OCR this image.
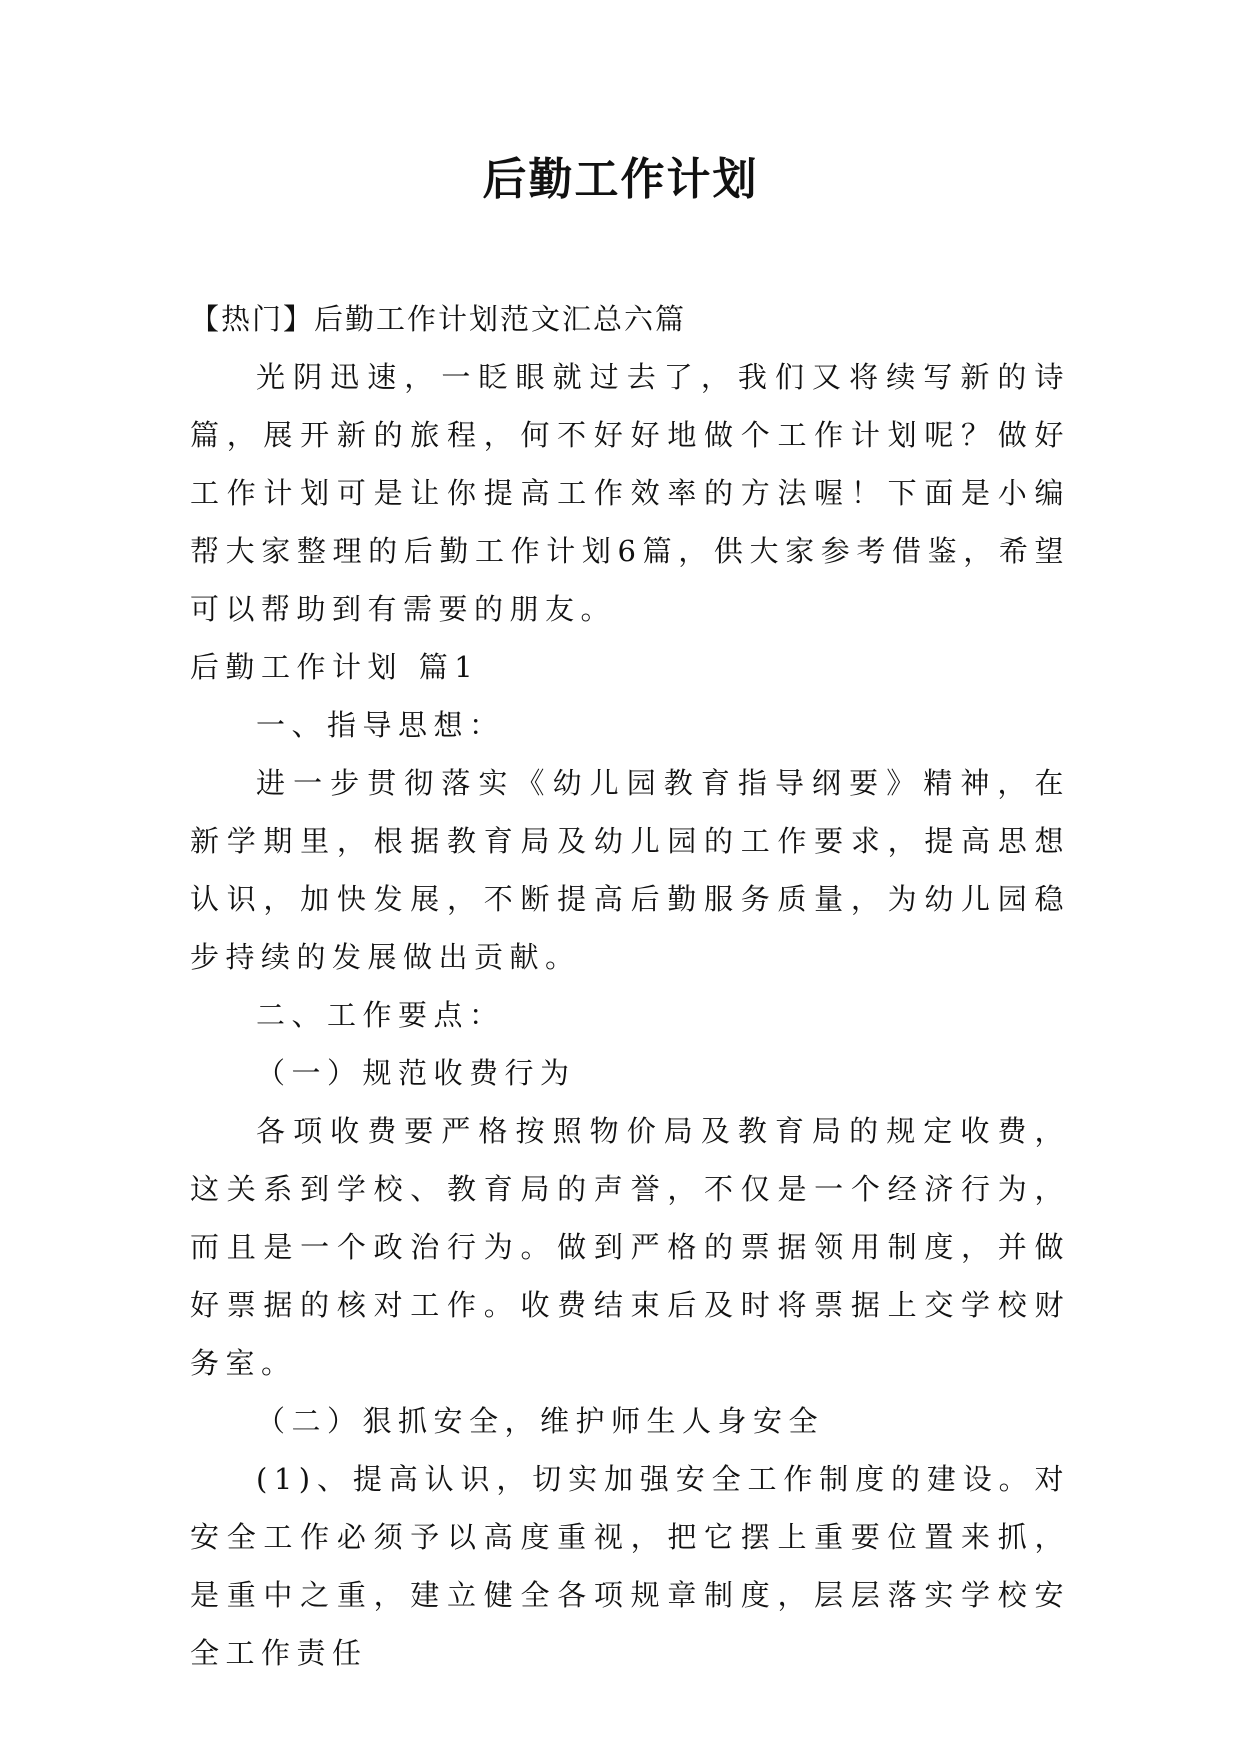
后勤工作计划

【热门】后勤工作计划范文汇总六篇

光阴迅速，一眨眼就过去了，我们又将续写新的诗篇，展开新的旅程，何不好好地做个工作计划呢？做好工作计划可是让你提高工作效率的方法喔！下面是小编帮大家整理的后勤工作计划6篇，供大家参考借鉴，希望可以帮助到有需要的朋友。

后勤工作计划 篇1

一、指导思想：

进一步贯彻落实《幼儿园教育指导纲要》精神，在新学期里，根据教育局及幼儿园的工作要求，提高思想认识，加快发展，不断提高后勤服务质量，为幼儿园稳步持续的发展做出贡献。

二、工作要点：

（一）规范收费行为

各项收费要严格按照物价局及教育局的规定收费，这关系到学校、教育局的声誉，不仅是一个经济行为，而且是一个政治行为。做到严格的票据领用制度，并做好票据的核对工作。收费结束后及时将票据上交学校财务室。

（二）狠抓安全，维护师生人身安全

(1)、提高认识，切实加强安全工作制度的建设。对安全工作必须予以高度重视，把它摆上重要位置来抓，是重中之重，建立健全各项规章制度，层层落实学校安全工作责任
